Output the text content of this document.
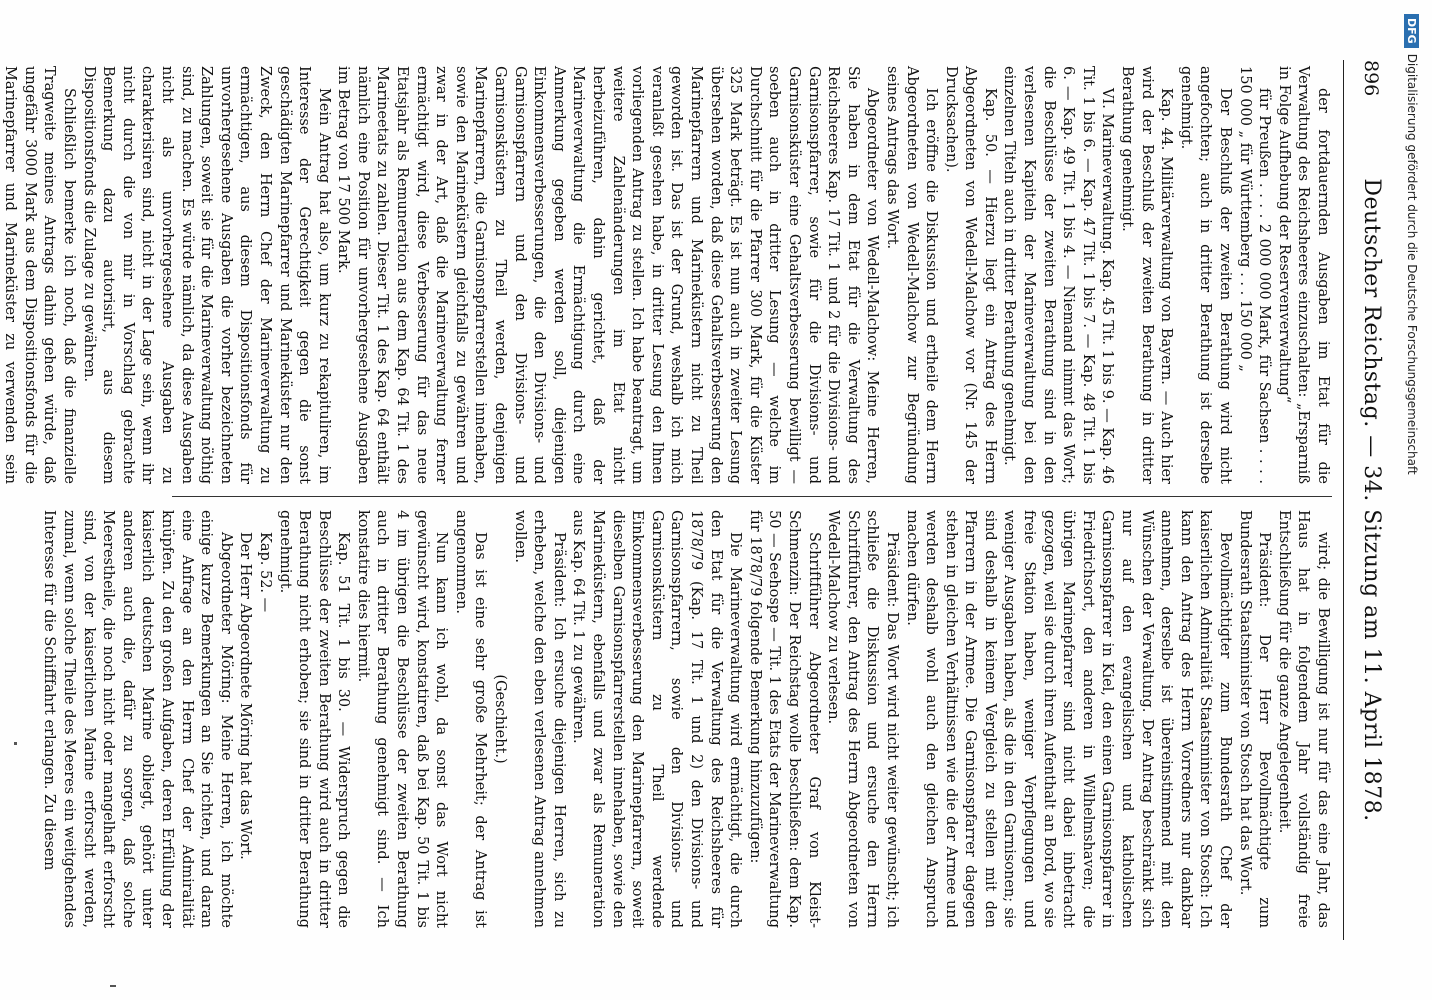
896
Deutscher Reichstag. — 34. Sitzung am 11. April 1878.

der fortdauernden Ausgaben im Etat für die Verwaltung des Reichsheeres einzuschalten: „Ersparniß in Folge Aufhebung der Reservenverwaltung“

für Preußen . . . . 2 000 000 Mark, für Sachsen . . . . 150 000 „ für Württemberg . . . 150 000 „

Der Beschluß der zweiten Berathung wird nicht angefochten; auch in dritter Berathung ist derselbe genehmigt.

Kap. 44. Militärverwaltung von Bayern. — Auch hier wird der Beschluß der zweiten Berathung in dritter Berathung genehmigt.

VI. Marineverwaltung. Kap. 45 Tit. 1 bis 9. — Kap. 46 Tit. 1 bis 6. — Kap. 47 Tit. 1 bis 7. — Kap. 48 Tit. 1 bis 6. — Kap. 49 Tit. 1 bis 4. — Niemand nimmt das Wort; die Beschlüsse der zweiten Berathung sind in den verlesenen Kapiteln der Marineverwaltung bei den einzelnen Titeln auch in dritter Berathung genehmigt.

Kap. 50. — Hierzu liegt ein Antrag des Herrn Abgeordneten von Wedell-Malchow vor (Nr. 145 der Drucksachen).

Ich eröffne die Diskussion und ertheile dem Herrn Abgeordneten von Wedell-Malchow zur Begründung seines Antrags das Wort.

Abgeordneter von Wedell-Malchow: Meine Herren, Sie haben in dem Etat für die Verwaltung des Reichsheeres Kap. 17 Tit. 1 und 2 für die Divisions- und Garnisonspfarrer, sowie für die Divisions- und Garnisonsküster eine Gehaltsverbesserung bewilligt — soeben auch in dritter Lesung — welche im Durchschnitt für die Pfarrer 300 Mark, für die Küster 325 Mark beträgt. Es ist nun auch in zweiter Lesung übersehen worden, daß diese Gehaltsverbesserung den Marinepfarrern und Marineküstern nicht zu Theil geworden ist. Das ist der Grund, weshalb ich mich veranlaßt gesehen habe, in dritter Lesung den Ihnen vorliegenden Antrag zu stellen. Ich habe beantragt, um weitere Zahlenänderungen im Etat nicht herbeizuführen, dahin gerichtet, daß der Marineverwaltung die Ermächtigung durch eine Anmerkung gegeben werden soll, diejenigen Einkommensverbesserungen, die den Divisions- und Garnisonspfarrern und den Divisions- und Garnisonsküstern zu Theil werden, denjenigen Marinepfarrern, die Garnisonspfarrerstellen innehaben, sowie den Marineküstern gleichfalls zu gewähren und zwar in der Art, daß die Marineverwaltung ferner ermächtigt wird, diese Verbesserung für das neue Etatsjahr als Remuneration aus dem Kap. 64 Tit. 1 des Marineetats zu zahlen. Dieser Tit. 1 des Kap. 64 enthält nämlich eine Position für unvorhergesehene Ausgaben im Betrag von 17 500 Mark.

Mein Antrag hat also, um kurz zu rekapituliren, im Interesse der Gerechtigkeit gegen die sonst geschädigten Marinepfarrer und Marineküster nur den Zweck, den Herrn Chef der Marineverwaltung zu ermächtigen, aus diesem Dispositionsfonds für unvorhergesehene Ausgaben die vorher bezeichneten Zahlungen, soweit sie für die Marineverwaltung nöthig sind, zu machen. Es würde nämlich, da diese Ausgaben nicht als unvorhergesehene Ausgaben zu charakterisiren sind, nicht in der Lage sein, wenn ihr nicht durch die von mir in Vorschlag gebrachte Bemerkung dazu autorisirt, aus diesem Dispositionsfonds die Zulage zu gewähren.

Schließlich bemerke ich noch, daß die finanzielle Tragweite meines Antrags dahin gehen würde, daß ungefähr 3000 Mark aus dem Dispositionsfonds für die Marinepfarrer und Marineküster zu verwenden sein

wird; die Bewilligung ist nur für das eine Jahr, das Haus hat in folgendem Jahr vollständig freie Entschließung für die ganze Angelegenheit.

Präsident: Der Herr Bevollmächtigte zum Bundesrath Staatsminister von Stosch hat das Wort.

Bevollmächtigter zum Bundesrath Chef der kaiserlichen Admiralität Staatsminister von Stosch: Ich kann den Antrag des Herrn Vorredners nur dankbar annehmen, derselbe ist übereinstimmend mit den Wünschen der Verwaltung. Der Antrag beschränkt sich nur auf den evangelischen und katholischen Garnisonspfarrer in Kiel, den einen Garnisonspfarrer in Friedrichsort, den anderen in Wilhelmshaven; die übrigen Marinepfarrer sind nicht dabei inbetracht gezogen, weil sie durch ihren Aufenthalt an Bord, wo sie freie Station haben, weniger Verpflegungen und weniger Ausgaben haben, als die in den Garnisonen; sie sind deshalb in keinem Vergleich zu stellen mit den Pfarrern in der Armee. Die Garnisonspfarrer dagegen stehen in gleichen Verhältnissen wie die der Armee und werden deshalb wohl auch den gleichen Anspruch machen dürfen.

Präsident: Das Wort wird nicht weiter gewünscht; ich schließe die Diskussion und ersuche den Herrn Schriftführer, den Antrag des Herrn Abgeordneten von Wedell-Malchow zu verlesen.

Schriftführer Abgeordneter Graf von Kleist-Schmenzin: Der Reichstag wolle beschließen: dem Kap. 50 — Seehospe — Tit. 1 des Etats der Marineverwaltung für 1878/79 folgende Bemerkung hinzuzufügen:

Die Marineverwaltung wird ermächtigt, die durch den Etat für die Verwaltung des Reichsheeres für 1878/79 (Kap. 17 Tit. 1 und 2) den Divisions- und Garnisonspfarrern, sowie den Divisions- und Garnisonsküstern zu Theil werdende Einkommensverbesserung den Marinepfarrern, soweit dieselben Garnisonspfarrerstellen innehaben, sowie den Marineküstern, ebenfalls und zwar als Remuneration aus Kap. 64 Tit. 1 zu gewähren.

Präsident: Ich ersuche diejenigen Herren, sich zu erheben, welche den eben verlesenen Antrag annehmen wollen.

(Geschieht.)

Das ist eine sehr große Mehrheit; der Antrag ist angenommen.

Nun kann ich wohl, da sonst das Wort nicht gewünscht wird, konstatiren, daß bei Kap. 50 Tit. 1 bis 4 im übrigen die Beschlüsse der zweiten Berathung auch in dritter Berathung genehmigt sind. — Ich konstatire dies hiermit.

Kap. 51 Tit. 1 bis 30. — Widerspruch gegen die Beschlüsse der zweiten Berathung wird auch in dritter Berathung nicht erhoben; sie sind in dritter Berathung genehmigt.

Kap. 52. —

Der Herr Abgeordnete Möring hat das Wort.

Abgeordneter Möring: Meine Herren, ich möchte einige kurze Bemerkungen an Sie richten, und daran eine Anfrage an den Herrn Chef der Admiralität knüpfen. Zu den großen Aufgaben, deren Erfüllung der kaiserlich deutschen Marine obliegt, gehört unter anderen auch die, dafür zu sorgen, daß solche Meerestheile, die noch nicht oder mangelhaft erforscht sind, von der kaiserlichen Marine erforscht werden, zumal, wenn solche Theile des Meeres ein weitgehendes Interesse für die Schifffahrt erlangen. Zu diesem

DFG
Digitalisierung gefördert durch die Deutsche Forschungsgemeinschaft
